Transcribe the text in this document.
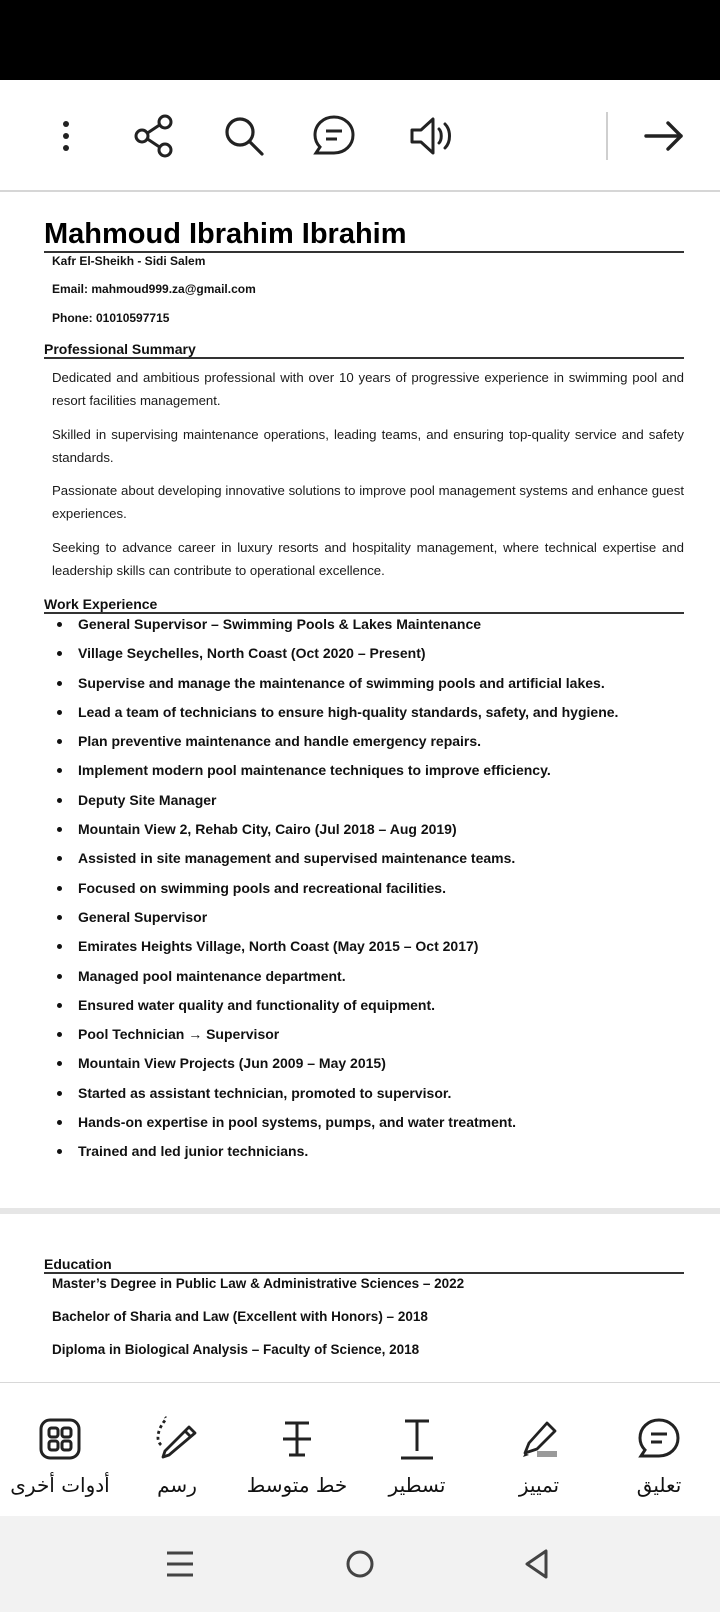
Mahmoud Ibrahim Ibrahim
Kafr El-Sheikh - Sidi Salem
Email: mahmoud999.za@gmail.com
Phone: 01010597715
Professional Summary
Dedicated and ambitious professional with over 10 years of progressive experience in swimming pool and resort facilities management.
Skilled in supervising maintenance operations, leading teams, and ensuring top-quality service and safety standards.
Passionate about developing innovative solutions to improve pool management systems and enhance guest experiences.
Seeking to advance career in luxury resorts and hospitality management, where technical expertise and leadership skills can contribute to operational excellence.
Work Experience
General Supervisor – Swimming Pools & Lakes Maintenance
Village Seychelles, North Coast (Oct 2020 – Present)
Supervise and manage the maintenance of swimming pools and artificial lakes.
Lead a team of technicians to ensure high-quality standards, safety, and hygiene.
Plan preventive maintenance and handle emergency repairs.
Implement modern pool maintenance techniques to improve efficiency.
Deputy Site Manager
Mountain View 2, Rehab City, Cairo (Jul 2018 – Aug 2019)
Assisted in site management and supervised maintenance teams.
Focused on swimming pools and recreational facilities.
General Supervisor
Emirates Heights Village, North Coast (May 2015 – Oct 2017)
Managed pool maintenance department.
Ensured water quality and functionality of equipment.
Pool Technician → Supervisor
Mountain View Projects (Jun 2009 – May 2015)
Started as assistant technician, promoted to supervisor.
Hands-on expertise in pool systems, pumps, and water treatment.
Trained and led junior technicians.
Education
Master’s Degree in Public Law & Administrative Sciences – 2022
Bachelor of Sharia and Law (Excellent with Honors) – 2018
Diploma in Biological Analysis – Faculty of Science, 2018
أدوات أخرى رسم خط متوسط تسطير	تمييز	تعليق
